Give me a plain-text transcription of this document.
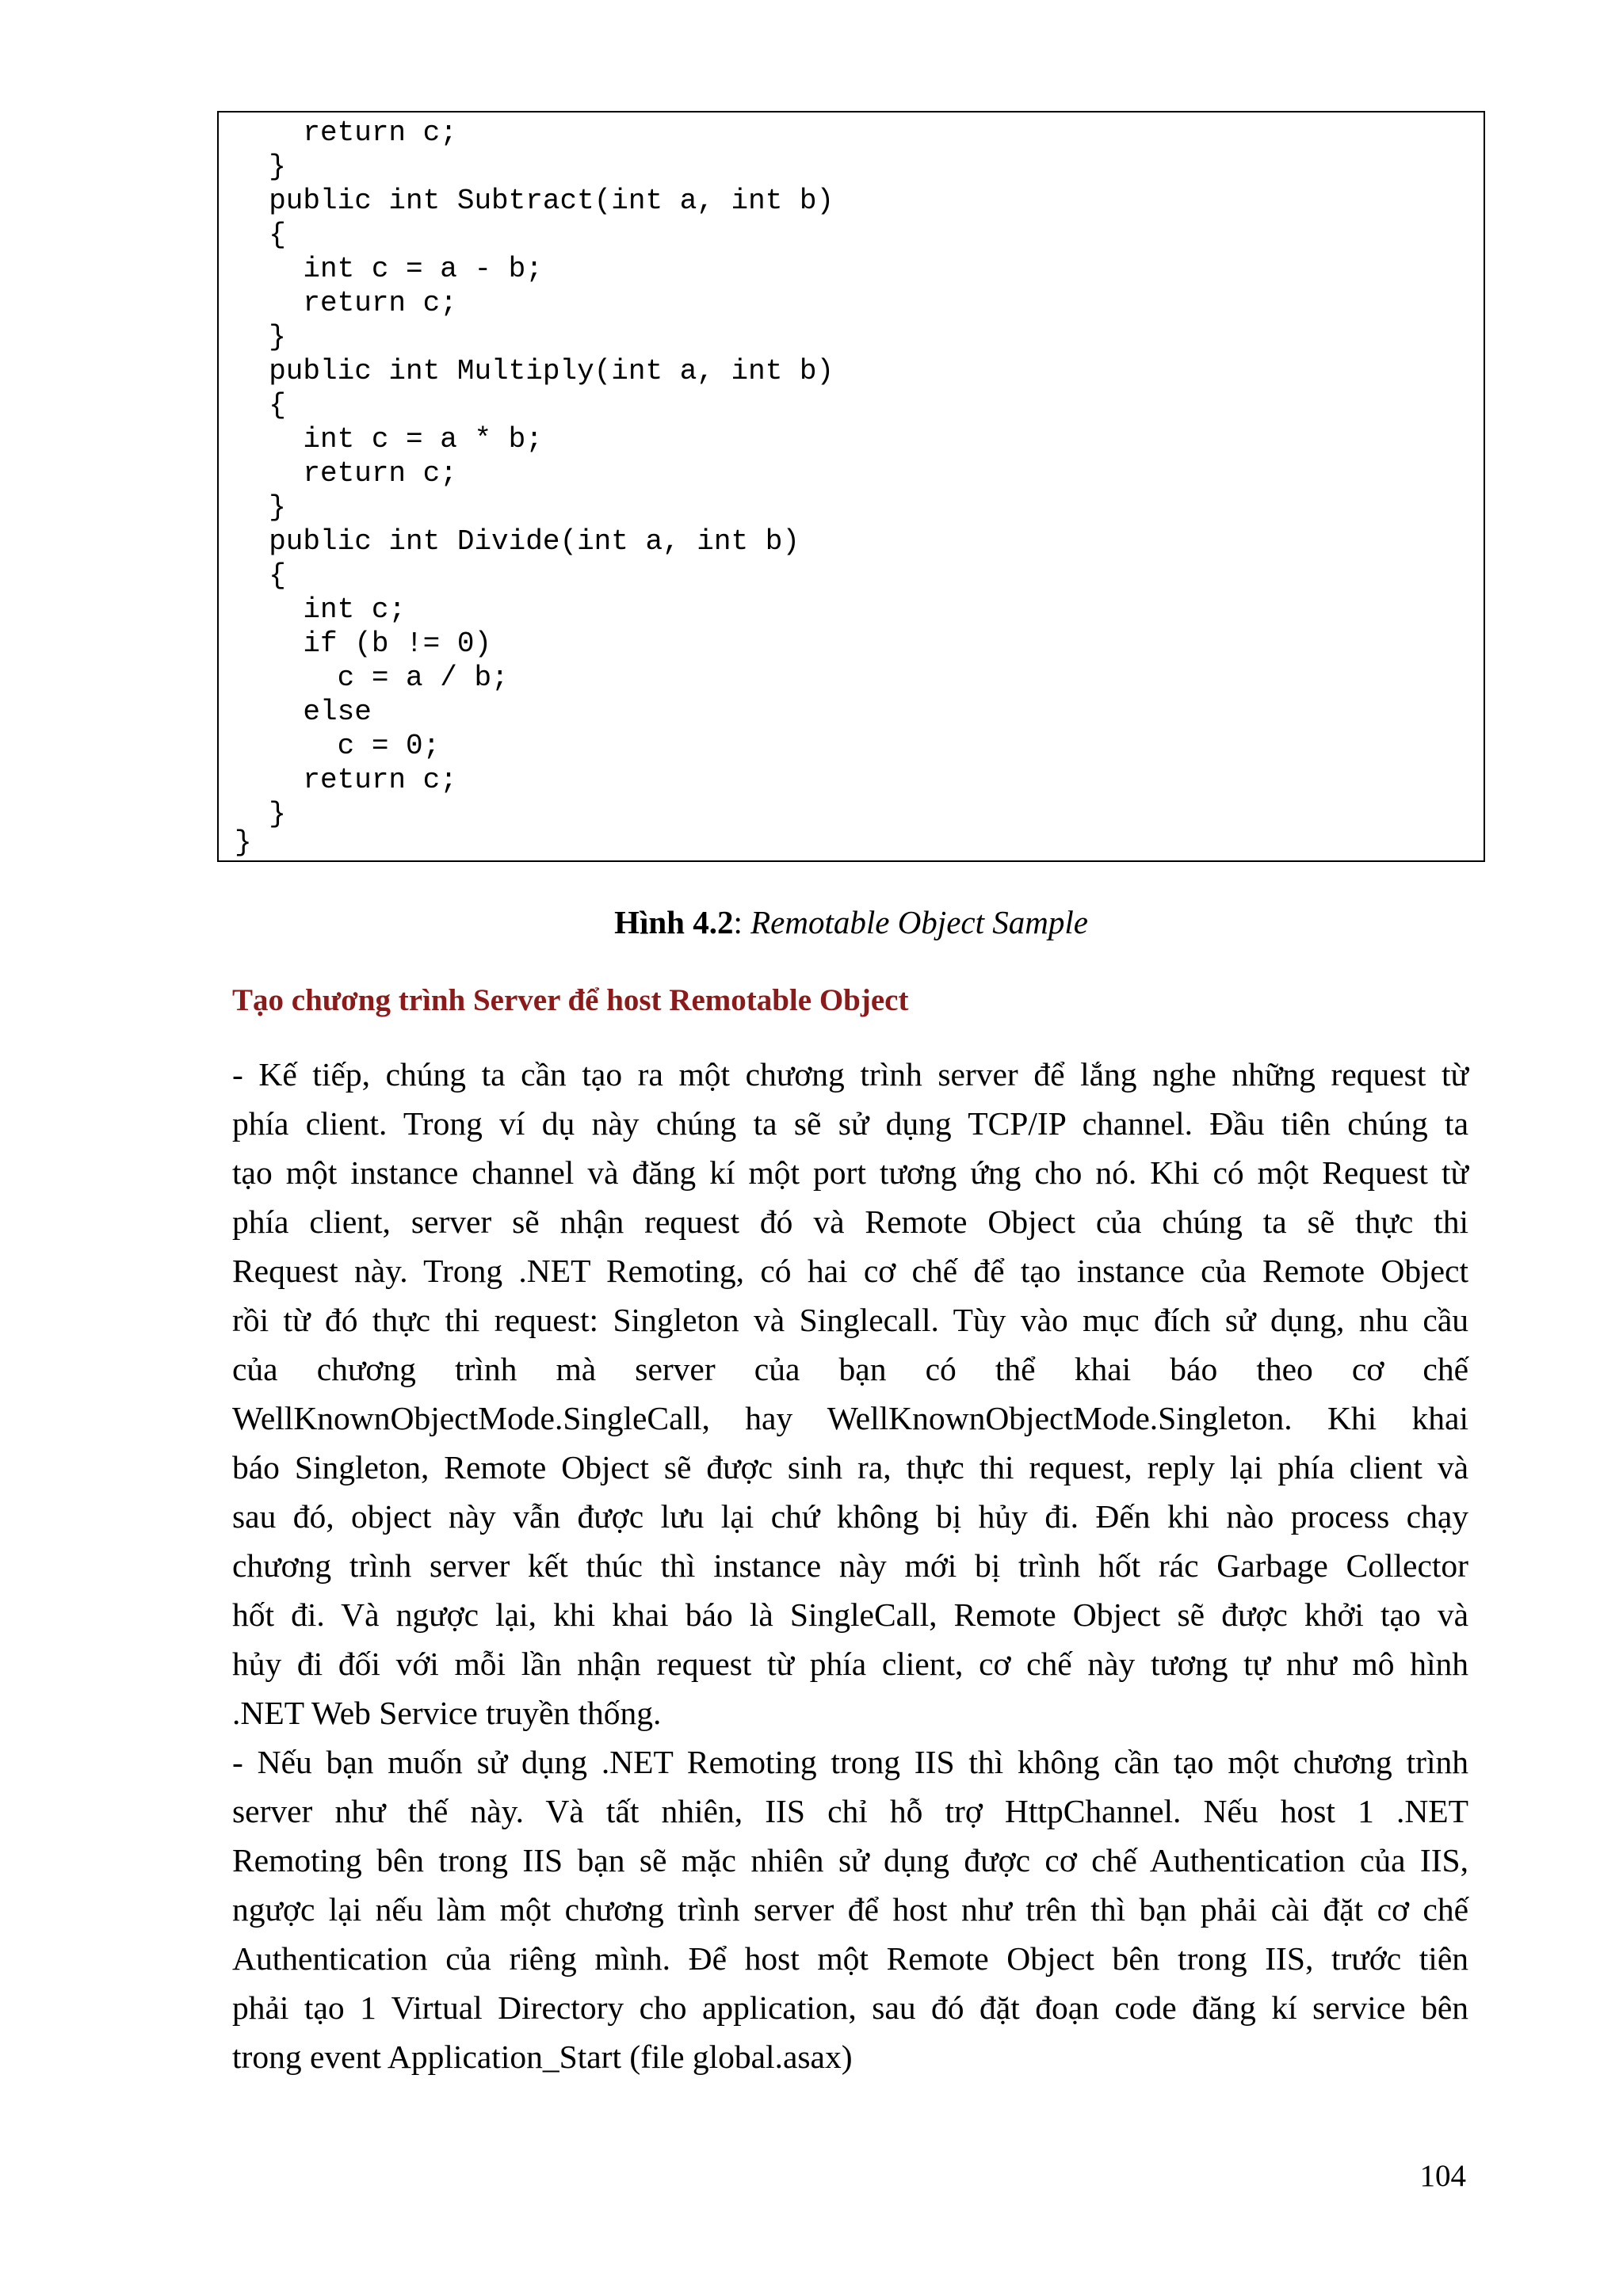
return c;
}
public int Subtract(int a, int b)
{
int c = a - b;
return c;
}
public int Multiply(int a, int b)
{
int c = a * b;
return c;
}
public int Divide(int a, int b)
{
int c;
if (b != 0)
c = a / b;
else
c = 0;
return c;
}
}
Hình 4.2: Remotable Object Sample
Tạo chương trình Server để host Remotable Object
- Kế tiếp, chúng ta cần tạo ra một chương trình server để lắng nghe những request từ
phía client. Trong ví dụ này chúng ta sẽ sử dụng TCP/IP channel. Đầu tiên chúng ta
tạo một instance channel và đăng kí một port tương ứng cho nó. Khi có một Request từ
phía client, server sẽ nhận request đó và Remote Object của chúng ta sẽ thực thi
Request này. Trong .NET Remoting, có hai cơ chế để tạo instance của Remote Object
rồi từ đó thực thi request: Singleton và Singlecall. Tùy vào mục đích sử dụng, nhu cầu
của chương trình mà server của bạn có thể khai báo theo cơ chế
WellKnownObjectMode.SingleCall, hay WellKnownObjectMode.Singleton. Khi khai
báo Singleton, Remote Object sẽ được sinh ra, thực thi request, reply lại phía client và
sau đó, object này vẫn được lưu lại chứ không bị hủy đi. Đến khi nào process chạy
chương trình server kết thúc thì instance này mới bị trình hốt rác Garbage Collector
hốt đi. Và ngược lại, khi khai báo là SingleCall, Remote Object sẽ được khởi tạo và
hủy đi đối với mỗi lần nhận request từ phía client, cơ chế này tương tự như mô hình
.NET Web Service truyền thống.
- Nếu bạn muốn sử dụng .NET Remoting trong IIS thì không cần tạo một chương trình
server như thế này. Và tất nhiên, IIS chỉ hỗ trợ HttpChannel. Nếu host 1 .NET
Remoting bên trong IIS bạn sẽ mặc nhiên sử dụng được cơ chế Authentication của IIS,
ngược lại nếu làm một chương trình server để host như trên thì bạn phải cài đặt cơ chế
Authentication của riêng mình. Để host một Remote Object bên trong IIS, trước tiên
phải tạo 1 Virtual Directory cho application, sau đó đặt đoạn code đăng kí service bên
trong event Application_Start (file global.asax)
104
